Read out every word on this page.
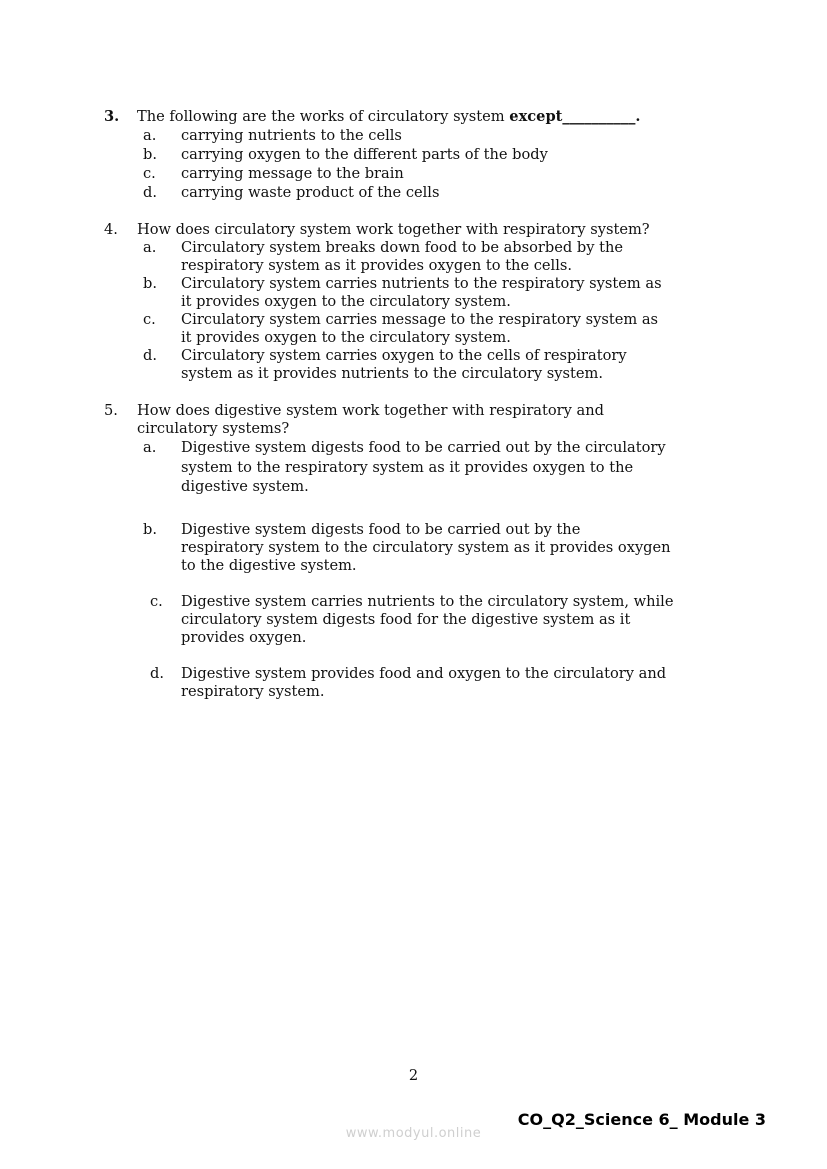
3. The following are the works of circulatory system except__________.
a. carrying nutrients to the cells
b. carrying oxygen to the different parts of the body
c. carrying message to the brain
d. carrying waste product of the cells
4. How does circulatory system work together with respiratory system?
a. Circulatory system breaks down food to be absorbed by the
respiratory system as it provides oxygen to the cells.
b. Circulatory system carries nutrients to the respiratory system as
it provides oxygen to the circulatory system.
c. Circulatory system carries message to the respiratory system as
it provides oxygen to the circulatory system.
d. Circulatory system carries oxygen to the cells of respiratory
system as it provides nutrients to the circulatory system.
5. How does digestive system work together with respiratory and
circulatory systems?
a. Digestive system digests food to be carried out by the circulatory
system to the respiratory system as it provides oxygen to the
digestive system.
b. Digestive system digests food to be carried out by the
respiratory system to the circulatory system as it provides oxygen
to the digestive system.
c. Digestive system carries nutrients to the circulatory system, while
circulatory system digests food for the digestive system as it
provides oxygen.
d. Digestive system provides food and oxygen to the circulatory and
respiratory system.
2
CO_Q2_Science 6_ Module 3
www.modyul.online
